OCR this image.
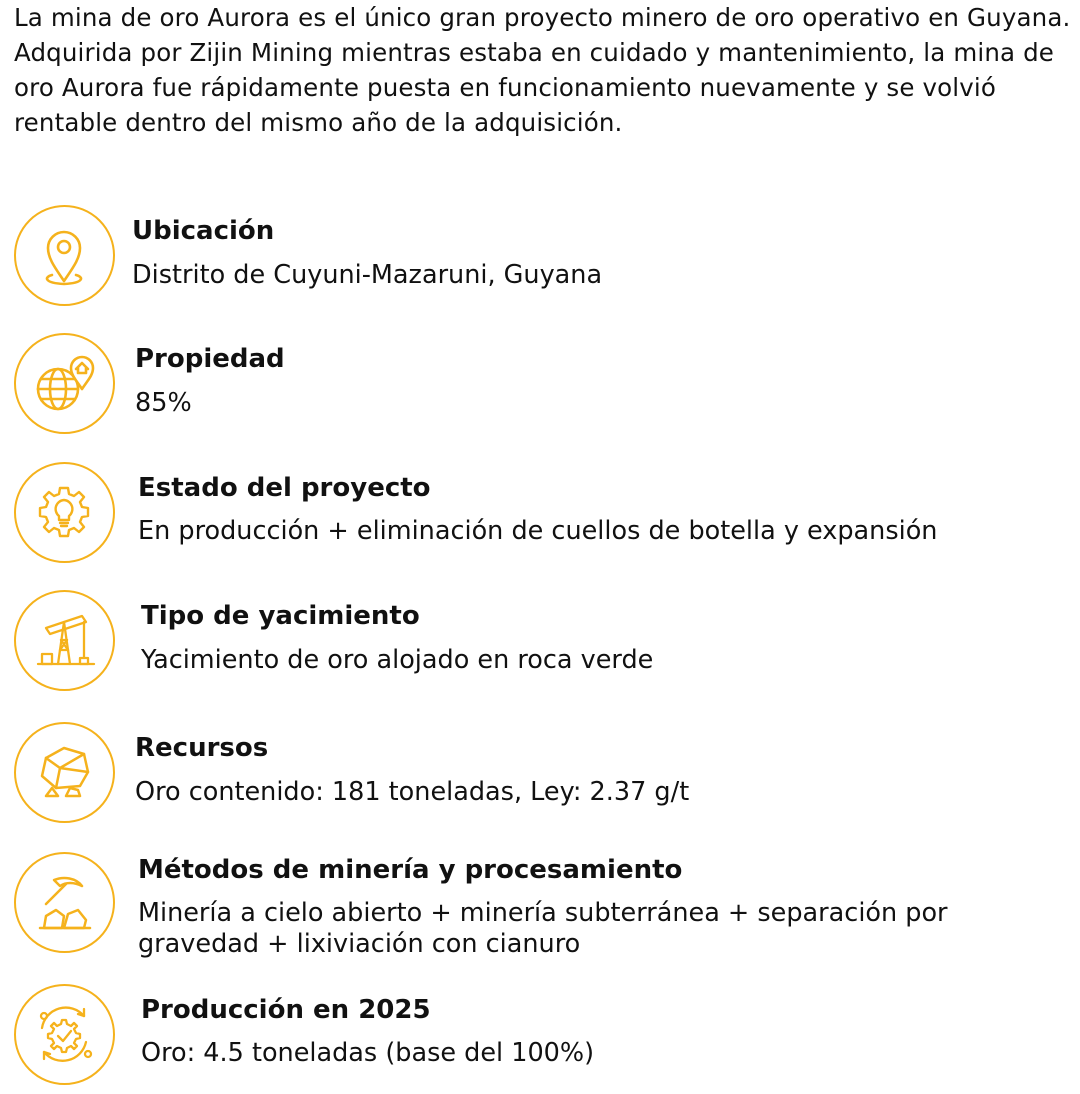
La mina de oro Aurora es el único gran proyecto minero de oro operativo en Guyana. Adquirida por Zijin Mining mientras estaba en cuidado y mantenimiento, la mina de oro Aurora fue rápidamente puesta en funcionamiento nuevamente y se volvió rentable dentro del mismo año de la adquisición.
Ubicación
Distrito de Cuyuni-Mazaruni, Guyana
Propiedad
85%
Estado del proyecto
En producción + eliminación de cuellos de botella y expansión
Tipo de yacimiento
Yacimiento de oro alojado en roca verde
Recursos
Oro contenido: 181 toneladas, Ley: 2.37 g/t
Métodos de minería y procesamiento
Minería a cielo abierto + minería subterránea + separación por gravedad + lixiviación con cianuro
Producción en 2025
Oro: 4.5 toneladas (base del 100%)
